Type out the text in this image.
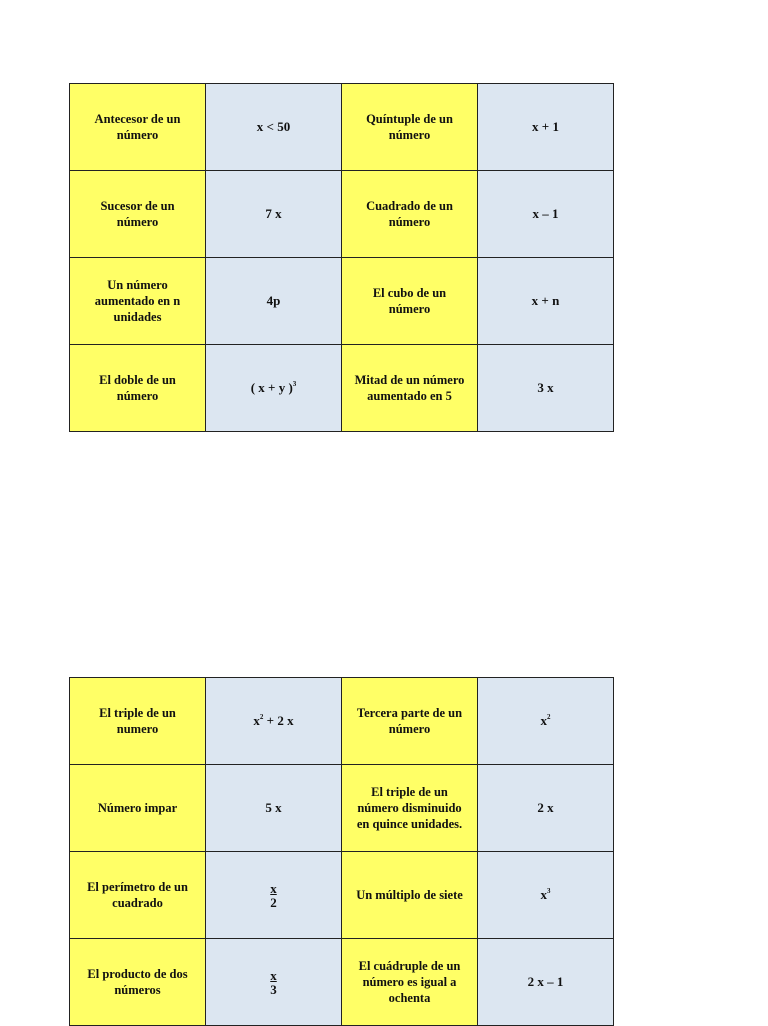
Antecesor de un número	x < 50	Quíntuple de un número	x + 1
Sucesor de un número	7 x	Cuadrado de un número	x – 1
Un número aumentado en n unidades	4p	El cubo de un número	x + n
El doble de un número	( x + y )$^3$	Mitad de un número aumentado en 5	3 x
El triple de un numero	$x^2 + 2$ x	Tercera parte de un número	$x^2$
Número impar	5 x	El triple de un número disminuido en quince unidades.	2 x
El perímetro de un cuadrado	$\frac{x}{2}$	Un múltiplo de siete	$x^3$
El producto de dos números	$\frac{x}{3}$	El cuádruple de un número es igual a ochenta	2 x – 1
